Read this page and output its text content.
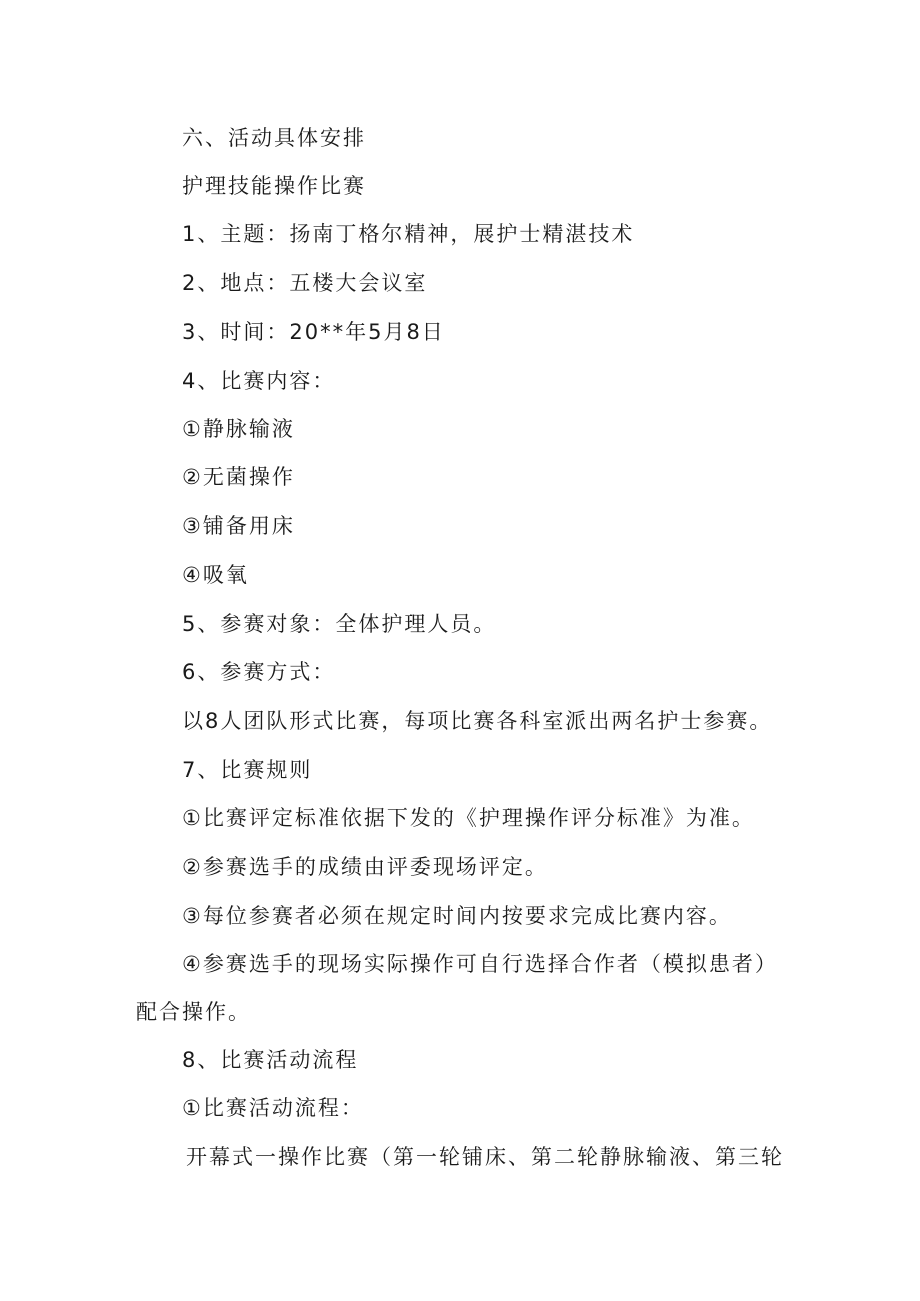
六、活动具体安排
护理技能操作比赛
1、主题：扬南丁格尔精神，展护士精湛技术
2、地点：五楼大会议室
3、时间：20**年5月8日
4、比赛内容：
①静脉输液
②无菌操作
③铺备用床
④吸氧
5、参赛对象：全体护理人员。
6、参赛方式：
以8人团队形式比赛，每项比赛各科室派出两名护士参赛。
7、比赛规则
①比赛评定标准依据下发的《护理操作评分标准》为准。
②参赛选手的成绩由评委现场评定。
③每位参赛者必须在规定时间内按要求完成比赛内容。
④参赛选手的现场实际操作可自行选择合作者（模拟患者）
配合操作。
8、比赛活动流程
①比赛活动流程：
开幕式一操作比赛（第一轮铺床、第二轮静脉输液、第三轮
